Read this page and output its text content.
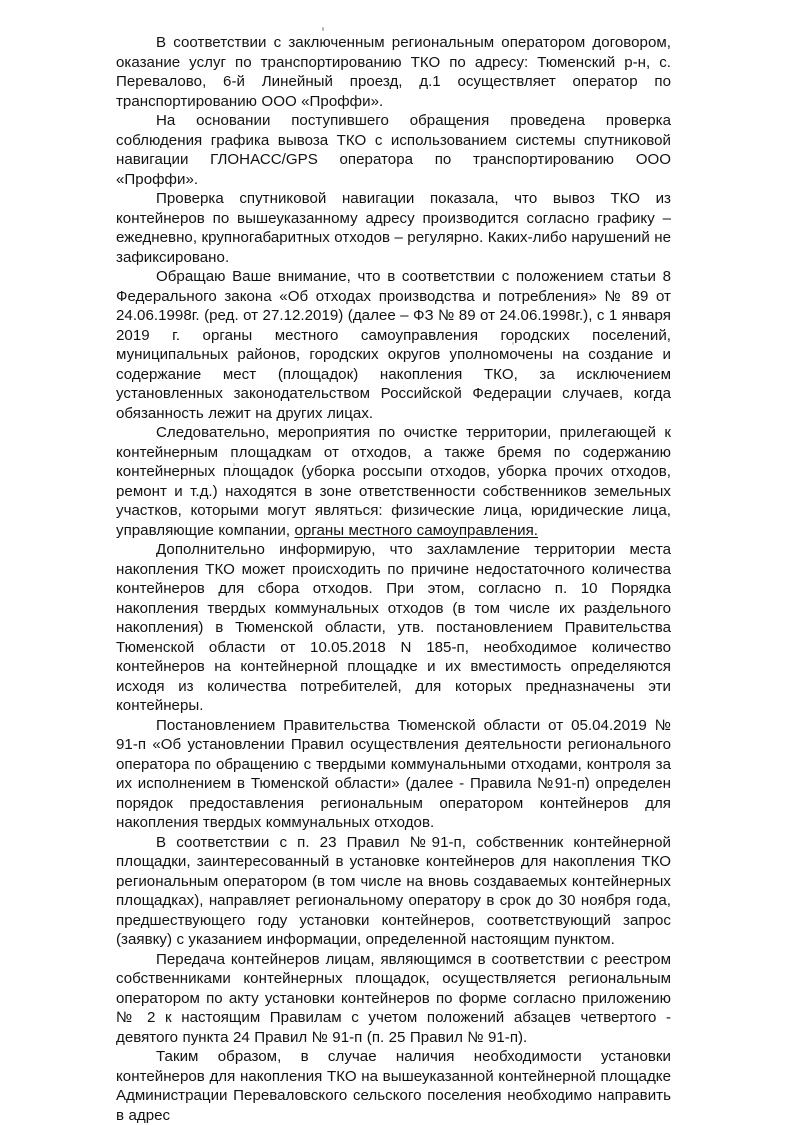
В соответствии с заключенным региональным оператором договором, оказание услуг по транспортированию ТКО по адресу: Тюменский р-н, с. Перевалово, 6-й Линейный проезд, д.1 осуществляет оператор по транспортированию ООО «Проффи».

На основании поступившего обращения проведена проверка соблюдения графика вывоза ТКО с использованием системы спутниковой навигации ГЛОНАСС/GPS оператора по транспортированию ООО «Проффи».

Проверка спутниковой навигации показала, что вывоз ТКО из контейнеров по вышеуказанному адресу производится согласно графику – ежедневно, крупногабаритных отходов – регулярно. Каких-либо нарушений не зафиксировано.

Обращаю Ваше внимание, что в соответствии с положением статьи 8 Федерального закона «Об отходах производства и потребления» № 89 от 24.06.1998г. (ред. от 27.12.2019) (далее – ФЗ № 89 от 24.06.1998г.), с 1 января 2019 г. органы местного самоуправления городских поселений, муниципальных районов, городских округов уполномочены на создание и содержание мест (площадок) накопления ТКО, за исключением установленных законодательством Российской Федерации случаев, когда обязанность лежит на других лицах.

Следовательно, мероприятия по очистке территории, прилегающей к контейнерным площадкам от отходов, а также бремя по содержанию контейнерных площадок (уборка россыпи отходов, уборка прочих отходов, ремонт и т.д.) находятся в зоне ответственности собственников земельных участков, которыми могут являться: физические лица, юридические лица, управляющие компании, органы местного самоуправления.

Дополнительно информирую, что захламление территории места накопления ТКО может происходить по причине недостаточного количества контейнеров для сбора отходов. При этом, согласно п. 10 Порядка накопления твердых коммунальных отходов (в том числе их раздельного накопления) в Тюменской области, утв. постановлением Правительства Тюменской области от 10.05.2018 N 185-п, необходимое количество контейнеров на контейнерной площадке и их вместимость определяются исходя из количества потребителей, для которых предназначены эти контейнеры.

Постановлением Правительства Тюменской области от 05.04.2019 № 91-п «Об установлении Правил осуществления деятельности регионального оператора по обращению с твердыми коммунальными отходами, контроля за их исполнением в Тюменской области» (далее - Правила №91-п) определен порядок предоставления региональным оператором контейнеров для накопления твердых коммунальных отходов.

В соответствии с п. 23 Правил №91-п, собственник контейнерной площадки, заинтересованный в установке контейнеров для накопления ТКО региональным оператором (в том числе на вновь создаваемых контейнерных площадках), направляет региональному оператору в срок до 30 ноября года, предшествующего году установки контейнеров, соответствующий запрос (заявку) с указанием информации, определенной настоящим пунктом.

Передача контейнеров лицам, являющимся в соответствии с реестром собственниками контейнерных площадок, осуществляется региональным оператором по акту установки контейнеров по форме согласно приложению № 2 к настоящим Правилам с учетом положений абзацев четвертого - девятого пункта 24 Правил № 91-п (п. 25 Правил № 91-п).

Таким образом, в случае наличия необходимости установки контейнеров для накопления ТКО на вышеуказанной контейнерной площадке Администрации Переваловского сельского поселения необходимо направить в адрес
